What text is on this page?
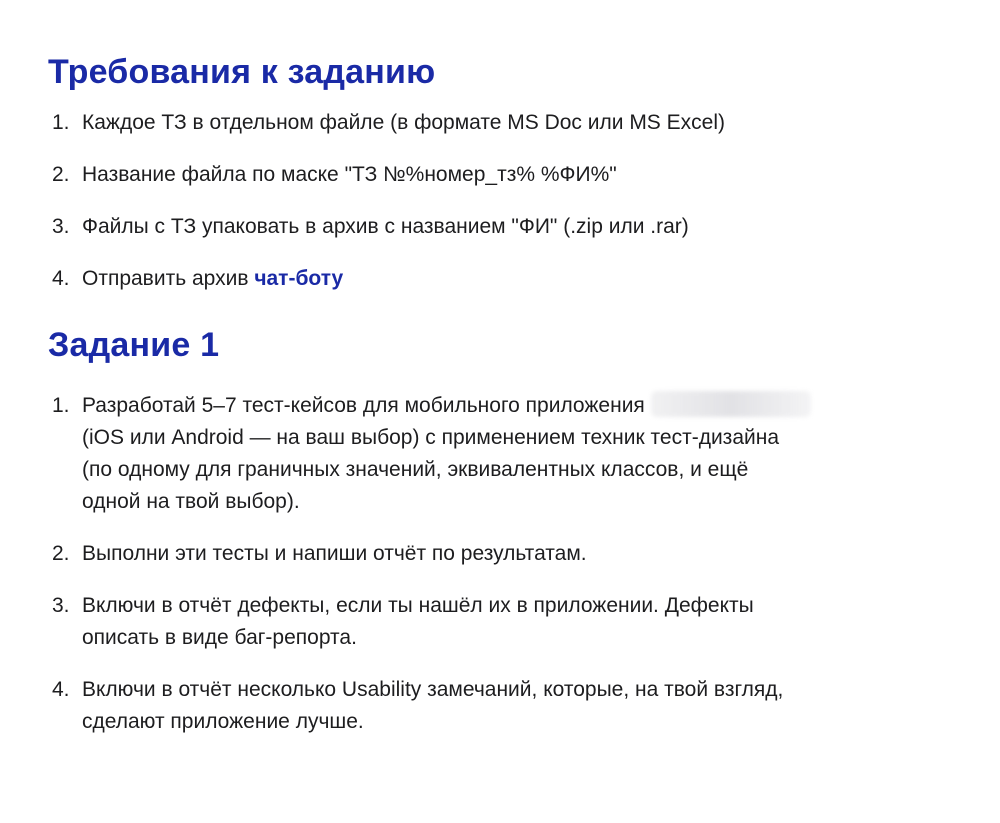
Требования к заданию
1. Каждое ТЗ в отдельном файле (в формате MS Doc или MS Excel)
2. Название файла по маске "ТЗ №%номер_тз% %ФИ%"
3. Файлы с ТЗ упаковать в архив с названием "ФИ" (.zip или .rar)
4. Отправить архив чат-боту
Задание 1
1. Разработай 5–7 тест-кейсов для мобильного приложения
(iOS или Android — на ваш выбор) с применением техник тест-дизайна
(по одному для граничных значений, эквивалентных классов, и ещё
одной на твой выбор).
2. Выполни эти тесты и напиши отчёт по результатам.
3. Включи в отчёт дефекты, если ты нашёл их в приложении. Дефекты
описать в виде баг-репорта.
4. Включи в отчёт несколько Usability замечаний, которые, на твой взгляд,
сделают приложение лучше.
